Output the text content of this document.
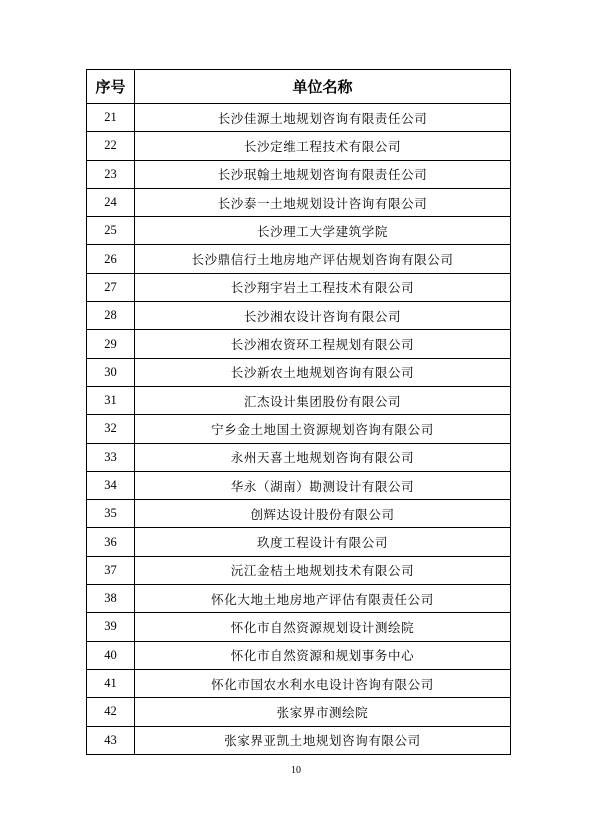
序号	单位名称
21	长沙佳源土地规划咨询有限责任公司
22	长沙定维工程技术有限公司
23	长沙珉翰土地规划咨询有限责任公司
24	长沙泰一土地规划设计咨询有限公司
25	长沙理工大学建筑学院
26	长沙鼎信行土地房地产评估规划咨询有限公司
27	长沙翔宇岩土工程技术有限公司
28	长沙湘农设计咨询有限公司
29	长沙湘农资环工程规划有限公司
30	长沙新农土地规划咨询有限公司
31	汇杰设计集团股份有限公司
32	宁乡金土地国土资源规划咨询有限公司
33	永州天喜土地规划咨询有限公司
34	华永（湖南）勘测设计有限公司
35	创辉达设计股份有限公司
36	玖度工程设计有限公司
37	沅江金桔土地规划技术有限公司
38	怀化大地土地房地产评估有限责任公司
39	怀化市自然资源规划设计测绘院
40	怀化市自然资源和规划事务中心
41	怀化市国农水利水电设计咨询有限公司
42	张家界市测绘院
43	张家界亚凯土地规划咨询有限公司
10
